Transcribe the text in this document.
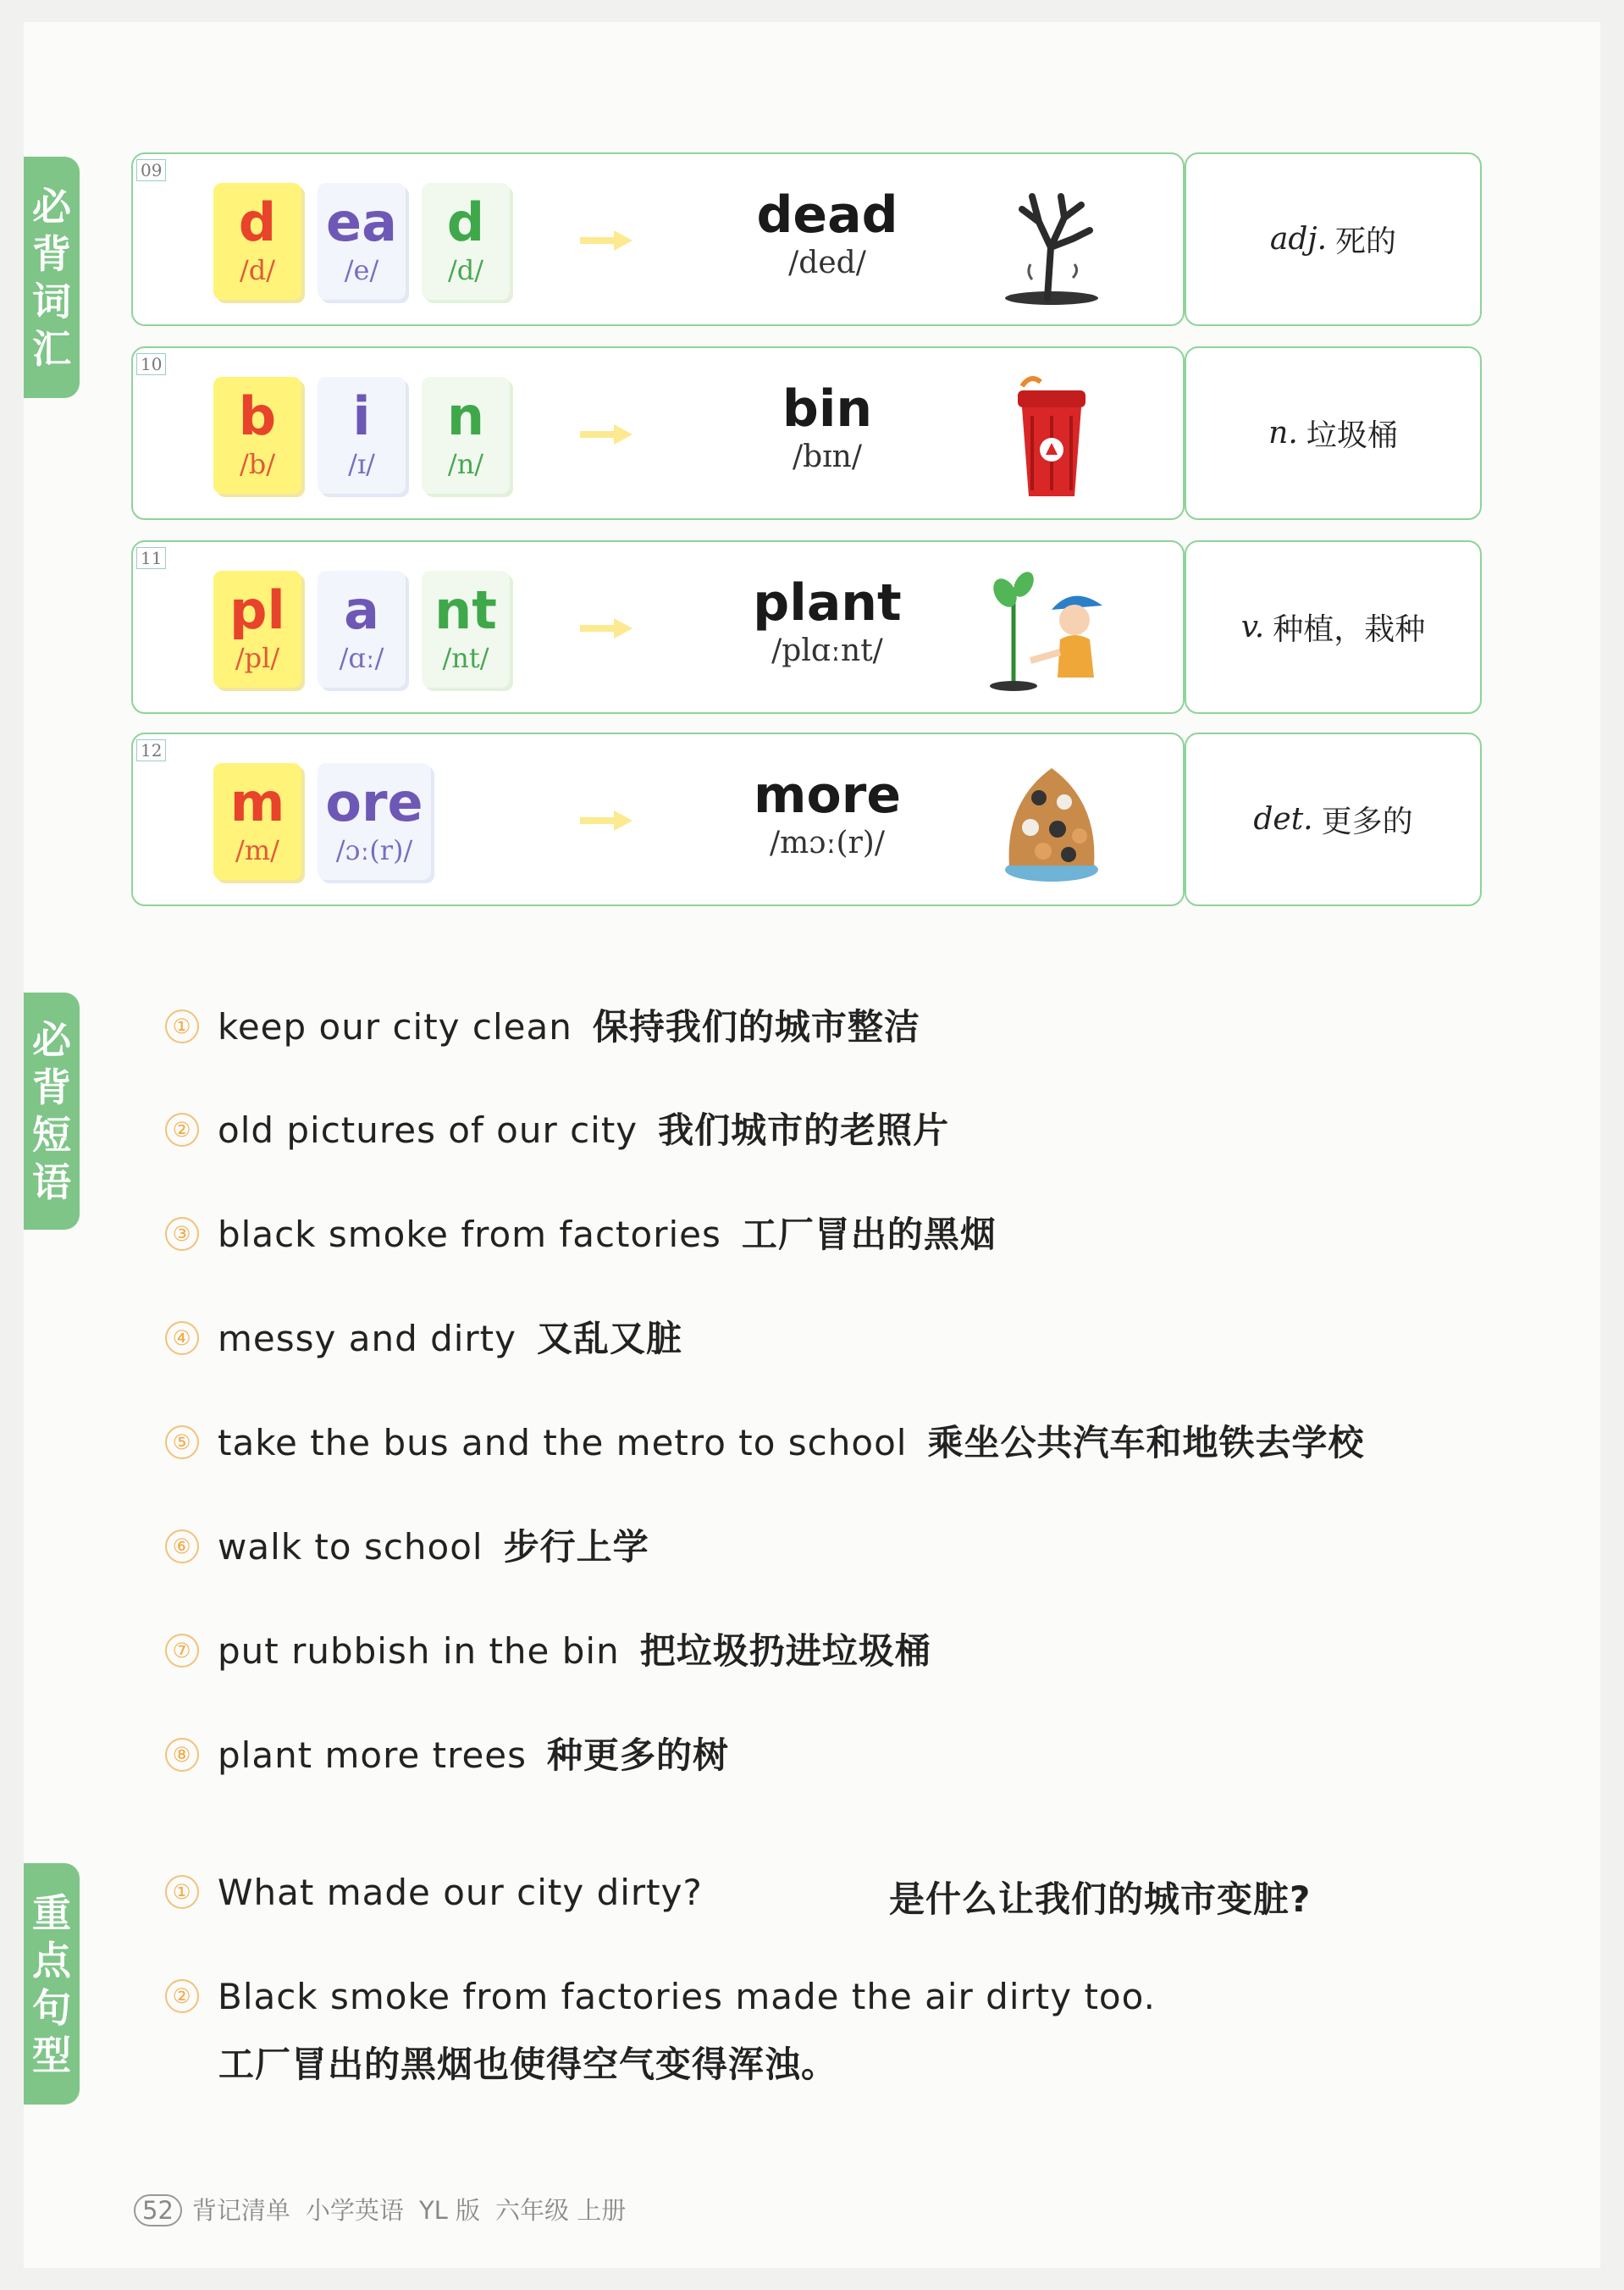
必
背
词
汇
必
背
短
语
重
点
句
型
09
d
/d/
ea
/e/
d
/d/
dead
/ded/
adj. 死的
10
b
/b/
i
/ɪ/
n
/n/
bin
/bɪn/
n. 垃圾桶
11
pl
/pl/
a
/ɑː/
nt
/nt/
plant
/plɑːnt/
v. 种植，栽种
12
m
/m/
ore
/ɔː(r)/
more
/mɔː(r)/
det. 更多的
① keep our city clean 保持我们的城市整洁
② old pictures of our city 我们城市的老照片
③ black smoke from factories 工厂冒出的黑烟
④ messy and dirty 又乱又脏
⑤ take the bus and the metro to school 乘坐公共汽车和地铁去学校
⑥ walk to school 步行上学
⑦ put rubbish in the bin 把垃圾扔进垃圾桶
⑧ plant more trees 种更多的树
① What made our city dirty?	是什么让我们的城市变脏?
② Black smoke from factories made the air dirty too.
工厂冒出的黑烟也使得空气变得浑浊。
52 背记清单 小学英语 YL 版 六年级 上册
